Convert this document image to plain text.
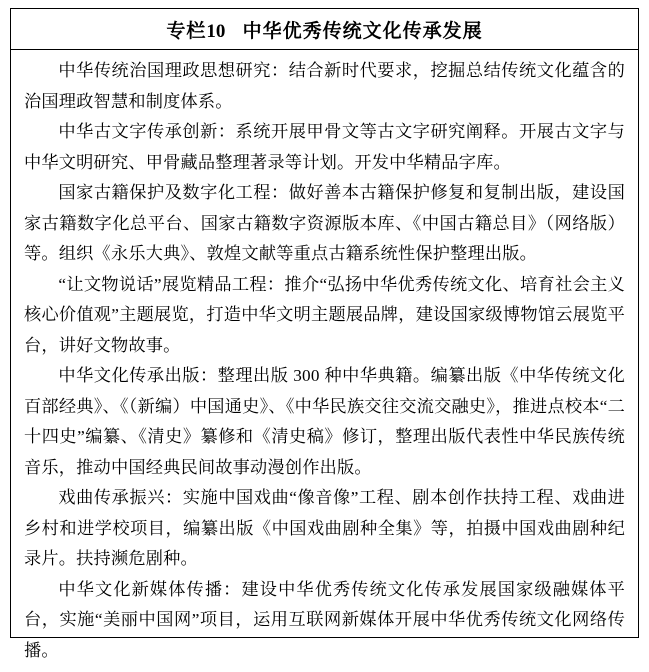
专栏10 中华优秀传统文化传承发展

中华传统治国理政思想研究：结合新时代要求，挖掘总结传统文化蕴含的治国理政智慧和制度体系。

中华古文字传承创新：系统开展甲骨文等古文字研究阐释。开展古文字与中华文明研究、甲骨藏品整理著录等计划。开发中华精品字库。

国家古籍保护及数字化工程：做好善本古籍保护修复和复制出版，建设国家古籍数字化总平台、国家古籍数字资源版本库、《中国古籍总目》（网络版）等。组织《永乐大典》、敦煌文献等重点古籍系统性保护整理出版。

“让文物说话”展览精品工程：推介“弘扬中华优秀传统文化、培育社会主义核心价值观”主题展览，打造中华文明主题展品牌，建设国家级博物馆云展览平台，讲好文物故事。

中华文化传承出版：整理出版 300 种中华典籍。编纂出版《中华传统文化百部经典》、《（新编）中国通史》、《中华民族交往交流交融史》，推进点校本“二十四史”编纂、《清史》纂修和《清史稿》修订，整理出版代表性中华民族传统音乐，推动中国经典民间故事动漫创作出版。

戏曲传承振兴：实施中国戏曲“像音像”工程、剧本创作扶持工程、戏曲进乡村和进学校项目，编纂出版《中国戏曲剧种全集》等，拍摄中国戏曲剧种纪录片。扶持濒危剧种。

中华文化新媒体传播：建设中华优秀传统文化传承发展国家级融媒体平台，实施“美丽中国网”项目，运用互联网新媒体开展中华优秀传统文化网络传播。
